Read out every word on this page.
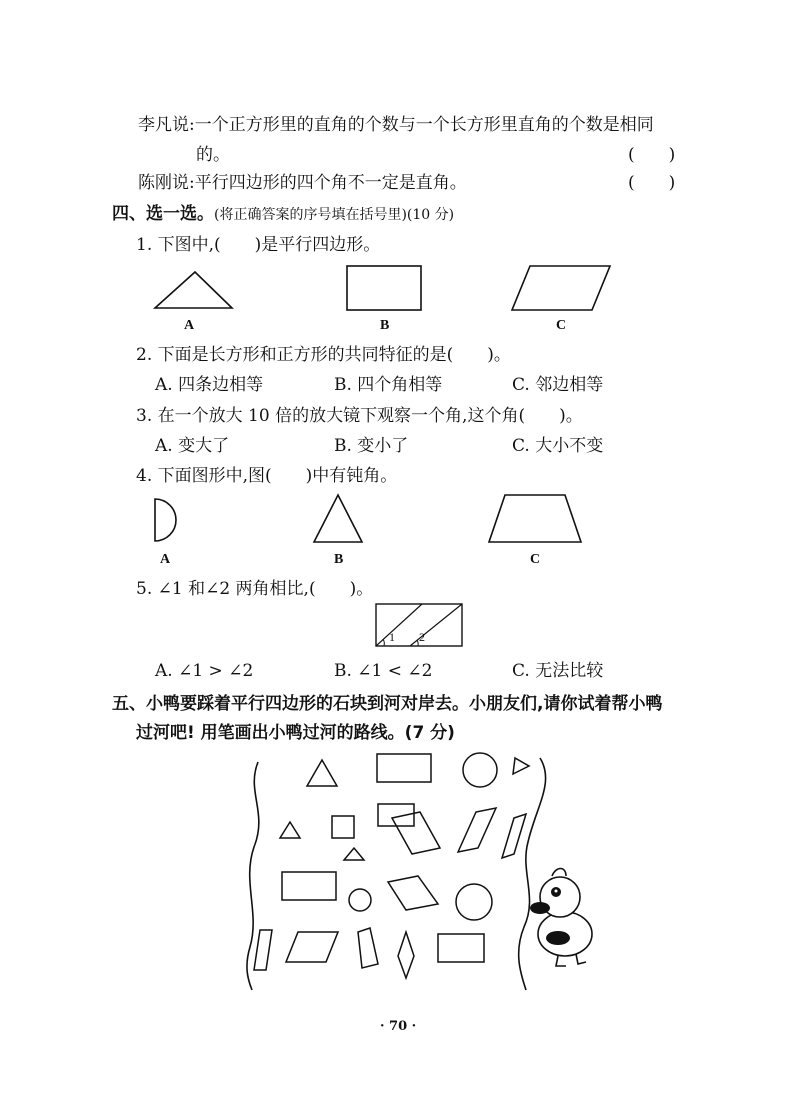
李凡说:一个正方形里的直角的个数与一个长方形里直角的个数是相同
的。	(　　)
陈刚说:平行四边形的四个角不一定是直角。	(　　)
四、选一选。(将正确答案的序号填在括号里)(10 分)
1. 下图中,(　　)是平行四边形。
A	B	C
2. 下面是长方形和正方形的共同特征的是(　　)。
A. 四条边相等	B. 四个角相等	C. 邻边相等
3. 在一个放大 10 倍的放大镜下观察一个角,这个角(　　)。
A. 变大了	B. 变小了	C. 大小不变
4. 下面图形中,图(　　)中有钝角。
A	B	C
5. ∠1 和∠2 两角相比,(　　)。
1 2
A. ∠1 > ∠2	B. ∠1 < ∠2	C. 无法比较
五、小鸭要踩着平行四边形的石块到河对岸去。小朋友们,请你试着帮小鸭
过河吧! 用笔画出小鸭过河的路线。(7 分)
· 70 ·
